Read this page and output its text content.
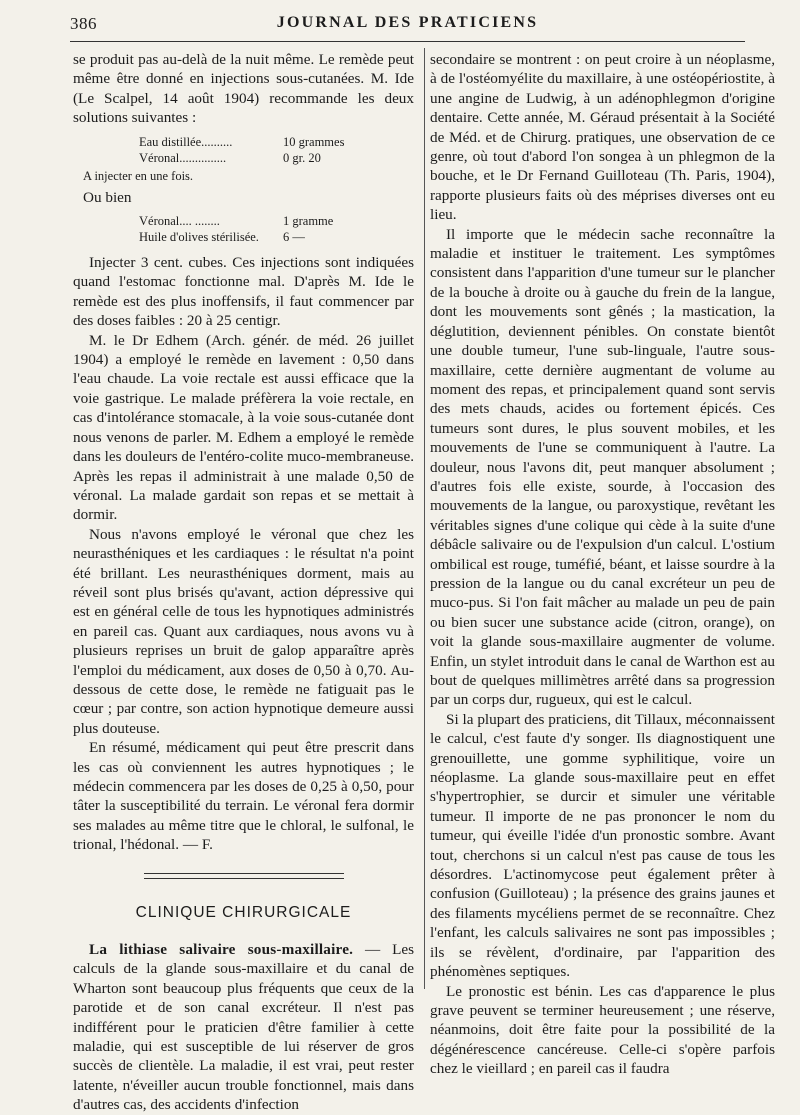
386	JOURNAL DES PRATICIENS

se produit pas au-delà de la nuit même. Le remède peut même être donné en injections sous-cutanées. M. Ide (Le Scalpel, 14 août 1904) recommande les deux solutions suivantes :

Eau distillée..........	10 grammes
Véronal...............	0 gr. 20
A injecter en une fois.
Ou bien
Véronal.... ........	1 gramme
Huile d'olives stérilisée.	6 —

Injecter 3 cent. cubes. Ces injections sont indiquées quand l'estomac fonctionne mal. D'après M. Ide le remède est des plus inoffensifs, il faut commencer par des doses faibles : 20 à 25 centigr.

M. le Dr Edhem (Arch. génér. de méd. 26 juillet 1904) a employé le remède en lavement : 0,50 dans l'eau chaude. La voie rectale est aussi efficace que la voie gastrique. Le malade préfèrera la voie rectale, en cas d'intolérance stomacale, à la voie sous-cutanée dont nous venons de parler. M. Edhem a employé le remède dans les douleurs de l'entéro-colite muco-membraneuse. Après les repas il administrait à une malade 0,50 de véronal. La malade gardait son repas et se mettait à dormir.

Nous n'avons employé le véronal que chez les neurasthéniques et les cardiaques : le résultat n'a point été brillant. Les neurasthéniques dorment, mais au réveil sont plus brisés qu'avant, action dépressive qui est en général celle de tous les hypnotiques administrés en pareil cas. Quant aux cardiaques, nous avons vu à plusieurs reprises un bruit de galop apparaître après l'emploi du médicament, aux doses de 0,50 à 0,70. Au-dessous de cette dose, le remède ne fatiguait pas le cœur ; par contre, son action hypnotique demeure aussi plus douteuse.

En résumé, médicament qui peut être prescrit dans les cas où conviennent les autres hypnotiques ; le médecin commencera par les doses de 0,25 à 0,50, pour tâter la susceptibilité du terrain. Le véronal fera dormir ses malades au même titre que le chloral, le sulfonal, le trional, l'hédonal. — F.

CLINIQUE CHIRURGICALE

La lithiase salivaire sous-maxillaire. — Les calculs de la glande sous-maxillaire et du canal de Wharton sont beaucoup plus fréquents que ceux de la parotide et de son canal excréteur. Il n'est pas indifférent pour le praticien d'être familier à cette maladie, qui est susceptible de lui réserver de gros succès de clientèle. La maladie, il est vrai, peut rester latente, n'éveiller aucun trouble fonctionnel, mais dans d'autres cas, des accidents d'infection

secondaire se montrent : on peut croire à un néoplasme, à de l'ostéomyélite du maxillaire, à une ostéopériostite, à une angine de Ludwig, à un adénophlegmon d'origine dentaire. Cette année, M. Géraud présentait à la Société de Méd. et de Chirurg. pratiques, une observation de ce genre, où tout d'abord l'on songea à un phlegmon de la bouche, et le Dr Fernand Guilloteau (Th. Paris, 1904), rapporte plusieurs faits où des méprises diverses ont eu lieu.

Il importe que le médecin sache reconnaître la maladie et instituer le traitement. Les symptômes consistent dans l'apparition d'une tumeur sur le plancher de la bouche à droite ou à gauche du frein de la langue, dont les mouvements sont gênés ; la mastication, la déglutition, deviennent pénibles. On constate bientôt une double tumeur, l'une sub-linguale, l'autre sous-maxillaire, cette dernière augmentant de volume au moment des repas, et principalement quand sont servis des mets chauds, acides ou fortement épicés. Ces tumeurs sont dures, le plus souvent mobiles, et les mouvements de l'une se communiquent à l'autre. La douleur, nous l'avons dit, peut manquer absolument ; d'autres fois elle existe, sourde, à l'occasion des mouvements de la langue, ou paroxystique, revêtant les véritables signes d'une colique qui cède à la suite d'une débâcle salivaire ou de l'expulsion d'un calcul. L'ostium ombilical est rouge, tuméfié, béant, et laisse sourdre à la pression de la langue ou du canal excréteur un peu de muco-pus. Si l'on fait mâcher au malade un peu de pain ou bien sucer une substance acide (citron, orange), on voit la glande sous-maxillaire augmenter de volume. Enfin, un stylet introduit dans le canal de Warthon est au bout de quelques millimètres arrêté dans sa progression par un corps dur, rugueux, qui est le calcul.

Si la plupart des praticiens, dit Tillaux, méconnaissent le calcul, c'est faute d'y songer. Ils diagnostiquent une grenouillette, une gomme syphilitique, voire un néoplasme. La glande sous-maxillaire peut en effet s'hypertrophier, se durcir et simuler une véritable tumeur. Il importe de ne pas prononcer le nom du tumeur, qui éveille l'idée d'un pronostic sombre. Avant tout, cherchons si un calcul n'est pas cause de tous les désordres. L'actinomycose peut également prêter à confusion (Guilloteau) ; la présence des grains jaunes et des filaments mycéliens permet de se reconnaître. Chez l'enfant, les calculs salivaires ne sont pas impossibles ; ils se révèlent, d'ordinaire, par l'apparition des phénomènes septiques.

Le pronostic est bénin. Les cas d'apparence le plus grave peuvent se terminer heureusement ; une réserve, néanmoins, doit être faite pour la possibilité de la dégénérescence cancéreuse. Celle-ci s'opère parfois chez le vieillard ; en pareil cas il faudra
